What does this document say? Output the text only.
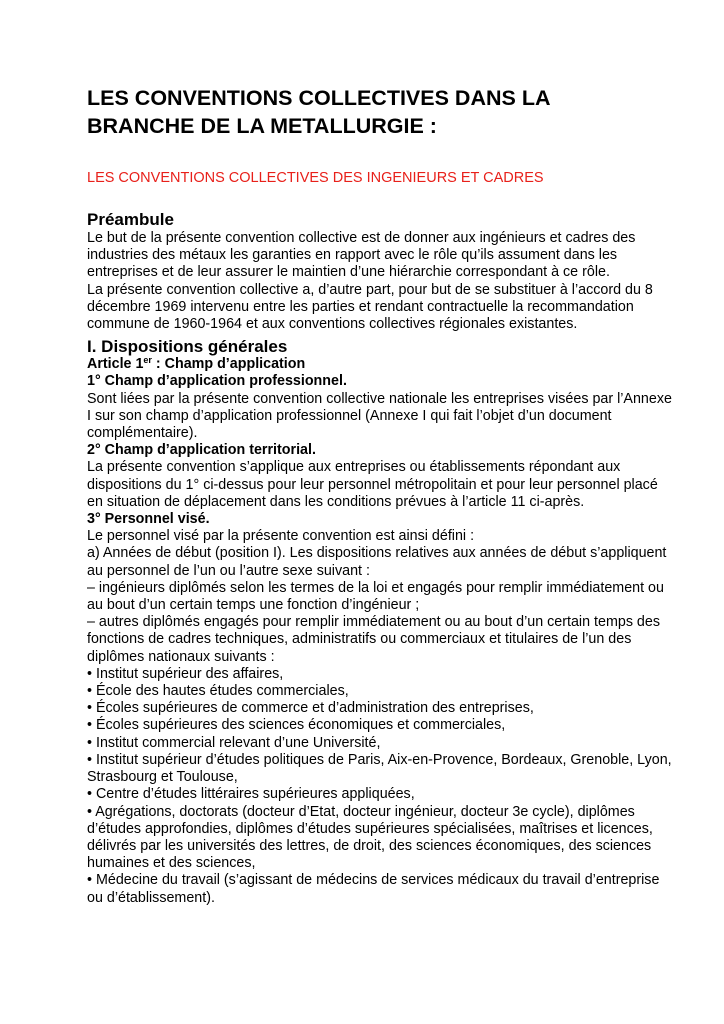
LES CONVENTIONS COLLECTIVES DANS LA BRANCHE DE LA METALLURGIE :

LES CONVENTIONS COLLECTIVES DES INGENIEURS ET CADRES

Préambule

Le but de la présente convention collective est de donner aux ingénieurs et cadres des industries des métaux les garanties en rapport avec le rôle qu’ils assument dans les entreprises et de leur assurer le maintien d’une hiérarchie correspondant à ce rôle.

La présente convention collective a, d’autre part, pour but de se substituer à l’accord du 8 décembre 1969 intervenu entre les parties et rendant contractuelle la recommandation commune de 1960-1964 et aux conventions collectives régionales existantes.

I. Dispositions générales

Article 1er : Champ d’application

1° Champ d’application professionnel.

Sont liées par la présente convention collective nationale les entreprises visées par l’Annexe I sur son champ d’application professionnel (Annexe I qui fait l’objet d’un document complémentaire).

2° Champ d’application territorial.

La présente convention s’applique aux entreprises ou établissements répondant aux dispositions du 1° ci-dessus pour leur personnel métropolitain et pour leur personnel placé en situation de déplacement dans les conditions prévues à l’article 11 ci-après.

3° Personnel visé.

Le personnel visé par la présente convention est ainsi défini :

a) Années de début (position I). Les dispositions relatives aux années de début s’appliquent au personnel de l’un ou l’autre sexe suivant :

– ingénieurs diplômés selon les termes de la loi et engagés pour remplir immédiatement ou au bout d’un certain temps une fonction d’ingénieur ;

– autres diplômés engagés pour remplir immédiatement ou au bout d’un certain temps des fonctions de cadres techniques, administratifs ou commerciaux et titulaires de l’un des diplômes nationaux suivants :

• Institut supérieur des affaires,

• École des hautes études commerciales,

• Écoles supérieures de commerce et d’administration des entreprises,

• Écoles supérieures des sciences économiques et commerciales,

• Institut commercial relevant d’une Université,

• Institut supérieur d’études politiques de Paris, Aix-en-Provence, Bordeaux, Grenoble, Lyon, Strasbourg et Toulouse,

• Centre d’études littéraires supérieures appliquées,

• Agrégations, doctorats (docteur d’Etat, docteur ingénieur, docteur 3e cycle), diplômes d’études approfondies, diplômes d’études supérieures spécialisées, maîtrises et licences, délivrés par les universités des lettres, de droit, des sciences économiques, des sciences humaines et des sciences,

• Médecine du travail (s’agissant de médecins de services médicaux du travail d’entreprise ou d’établissement).
